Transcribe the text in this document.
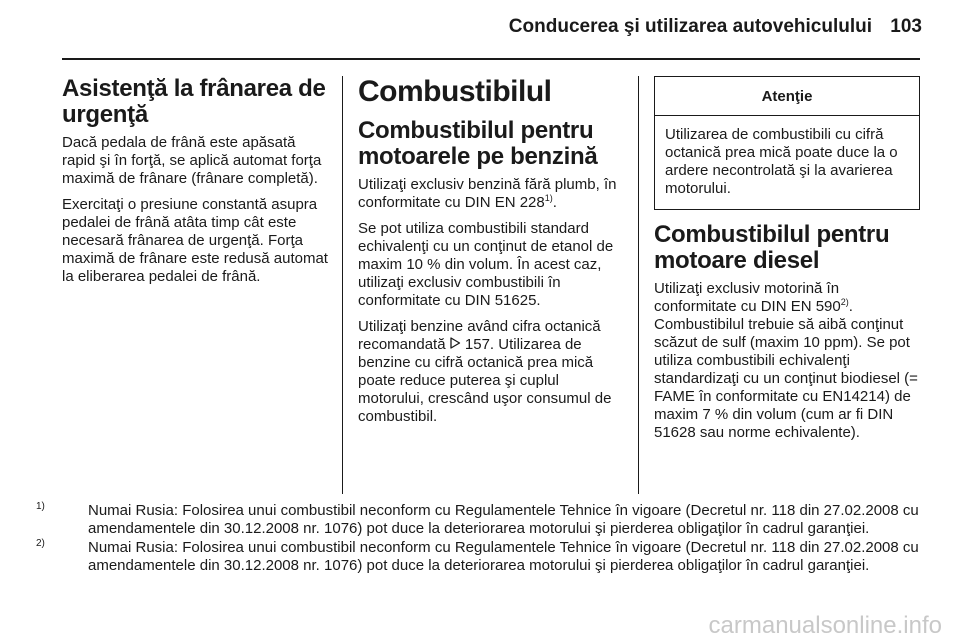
Conducerea şi utilizarea autovehiculului 103
Asistenţă la frânarea de urgenţă

Dacă pedala de frână este apăsată rapid şi în forţă, se aplică automat forţa maximă de frânare (frânare completă).

Exercitaţi o presiune constantă asupra pedalei de frână atâta timp cât este necesară frânarea de urgenţă. Forţa maximă de frânare este redusă automat la eliberarea pedalei de frână.

Combustibilul
Combustibilul pentru motoarele pe benzină

Utilizaţi exclusiv benzină fără plumb, în conformitate cu DIN EN 228$^{1)}$.

Se pot utiliza combustibili standard echivalenţi cu un conţinut de etanol de maxim 10 % din volum. În acest caz, utilizaţi exclusiv combustibili în conformitate cu DIN 51625.

Utilizaţi benzine având cifra octanică recomandată  157. Utilizarea de benzine cu cifră octanică prea mică poate reduce puterea şi cuplul motorului, crescând uşor consumul de combustibil.

Atenţie
Utilizarea de combustibili cu cifră octanică prea mică poate duce la o ardere necontrolată şi la avarierea motorului.
Combustibilul pentru motoare diesel

Utilizaţi exclusiv motorină în conformitate cu DIN EN 590$^{2)}$. Combustibilul trebuie să aibă conţinut scăzut de sulf (maxim 10 ppm). Se pot utiliza combustibili echivalenţi standardizaţi cu un conţinut biodiesel (= FAME în conformitate cu EN14214) de maxim 7 % din volum (cum ar fi DIN 51628 sau norme echivalente).

1)	Numai Rusia: Folosirea unui combustibil neconform cu Regulamentele Tehnice în vigoare (Decretul nr. 118 din 27.02.2008 cu amendamentele din 30.12.2008 nr. 1076) pot duce la deteriorarea motorului şi pierderea obligaţilor în cadrul garanţiei.
2)	Numai Rusia: Folosirea unui combustibil neconform cu Regulamentele Tehnice în vigoare (Decretul nr. 118 din 27.02.2008 cu amendamentele din 30.12.2008 nr. 1076) pot duce la deteriorarea motorului şi pierderea obligaţilor în cadrul garanţiei.
carmanualsonline.info
